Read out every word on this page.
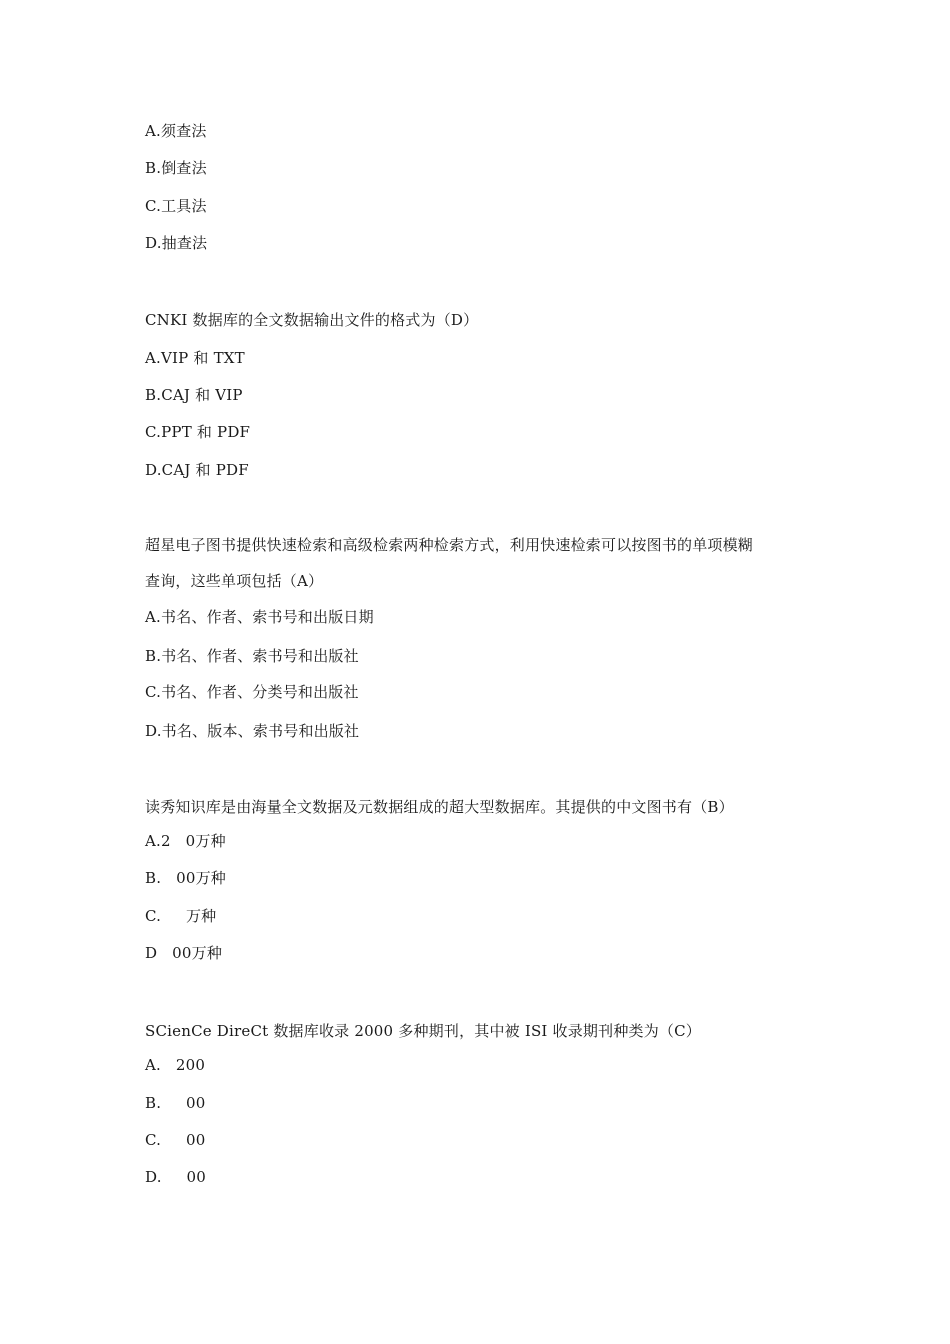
A.须查法
B.倒查法
C.工具法
D.抽查法
CNKI 数据库的全文数据输出文件的格式为（D）
A.VIP 和 TXT
B.CAJ 和 VIP
C.PPT 和 PDF
D.CAJ 和 PDF
超星电子图书提供快速检索和高级检索两种检索方式，利用快速检索可以按图书的单项模糊
查询，这些单项包括（A）
A.书名、作者、索书号和出版日期
B.书名、作者、索书号和出版社
C.书名、作者、分类号和出版社
D.书名、版本、索书号和出版社
读秀知识库是由海量全文数据及元数据组成的超大型数据库。其提供的中文图书有（B）
A.2   0万种
B.   00万种
C.     万种
D   00万种
SCienCe DireCt 数据库收录 2000 多种期刊，其中被 ISI 收录期刊种类为（C）
A.   200
B.     00
C.     00
D.     00
